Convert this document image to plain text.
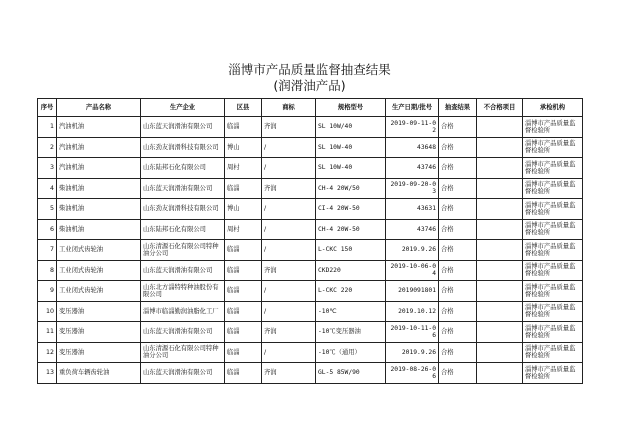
淄博市产品质量监督抽查结果
(润滑油产品)
序号	产品名称	生产企业	区县	商标	规格型号	生产日期/批号	抽查结果	不合格项目	承检机构
1	汽油机油	山东蓝天润滑油有限公司	临淄	齐润	SL 10W/40	2019-09-11-02	合格		淄博市产品质量监督检验所
2	汽油机油	山东劲友润滑科技有限公司	博山	/	SL 10W-40	43648	合格		淄博市产品质量监督检验所
3	汽油机油	山东陆邦石化有限公司	周村	/	SL 10W-40	43746	合格		淄博市产品质量监督检验所
4	柴油机油	山东蓝天润滑油有限公司	临淄	齐润	CH-4 20W/50	2019-09-20-03	合格		淄博市产品质量监督检验所
5	柴油机油	山东劲友润滑科技有限公司	博山	/	CI-4 20W-50	43631	合格		淄博市产品质量监督检验所
6	柴油机油	山东陆邦石化有限公司	周村	/	CH-4 20W-50	43746	合格		淄博市产品质量监督检验所
7	工业闭式齿轮油	山东清源石化有限公司特种油分公司	临淄	/	L-CKC 150	2019.9.26	合格		淄博市产品质量监督检验所
8	工业闭式齿轮油	山东蓝天润滑油有限公司	临淄	齐润	CKD220	2019-10-06-04	合格		淄博市产品质量监督检验所
9	工业闭式齿轮油	山东北方淄特特种油股份有限公司	临淄	/	L-CKC 220	2019091801	合格		淄博市产品质量监督检验所
10	变压器油	淄博市临淄勤润油脂化工厂	临淄	/	-10℃	2019.10.12	合格		淄博市产品质量监督检验所
11	变压器油	山东蓝天润滑油有限公司	临淄	齐润	-10℃变压器油	2019-10-11-06	合格		淄博市产品质量监督检验所
12	变压器油	山东清源石化有限公司特种油分公司	临淄	/	-10℃（通用）	2019.9.26	合格		淄博市产品质量监督检验所
13	重负荷车辆齿轮油	山东蓝天润滑油有限公司	临淄	齐润	GL-5 85W/90	2019-08-26-06	合格		淄博市产品质量监督检验所
